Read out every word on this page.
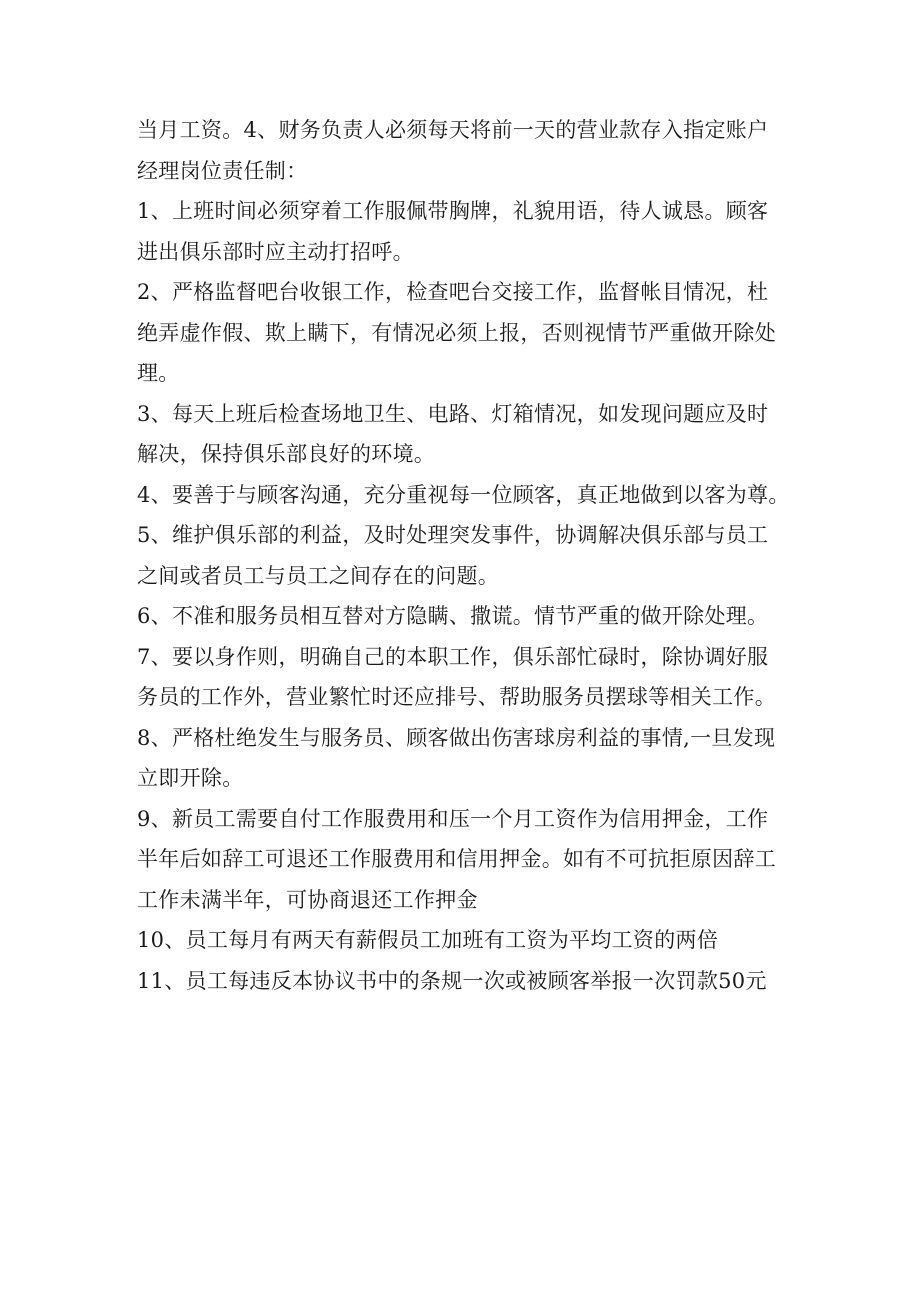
当月工资。4、财务负责人必须每天将前一天的营业款存入指定账户
经理岗位责任制：
1、上班时间必须穿着工作服佩带胸牌，礼貌用语，待人诚恳。顾客
进出俱乐部时应主动打招呼。
2、严格监督吧台收银工作，检查吧台交接工作，监督帐目情况，杜
绝弄虚作假、欺上瞒下，有情况必须上报，否则视情节严重做开除处
理。
3、每天上班后检查场地卫生、电路、灯箱情况，如发现问题应及时
解决，保持俱乐部良好的环境。
4、要善于与顾客沟通，充分重视每一位顾客，真正地做到以客为尊。
5、维护俱乐部的利益，及时处理突发事件，协调解决俱乐部与员工
之间或者员工与员工之间存在的问题。
6、不准和服务员相互替对方隐瞒、撒谎。情节严重的做开除处理。
7、要以身作则，明确自己的本职工作，俱乐部忙碌时，除协调好服
务员的工作外，营业繁忙时还应排号、帮助服务员摆球等相关工作。
8、严格杜绝发生与服务员、顾客做出伤害球房利益的事情,一旦发现
立即开除。
9、新员工需要自付工作服费用和压一个月工资作为信用押金，工作
半年后如辞工可退还工作服费用和信用押金。如有不可抗拒原因辞工
工作未满半年，可协商退还工作押金
10、员工每月有两天有薪假员工加班有工资为平均工资的两倍
11、员工每违反本协议书中的条规一次或被顾客举报一次罚款50元
